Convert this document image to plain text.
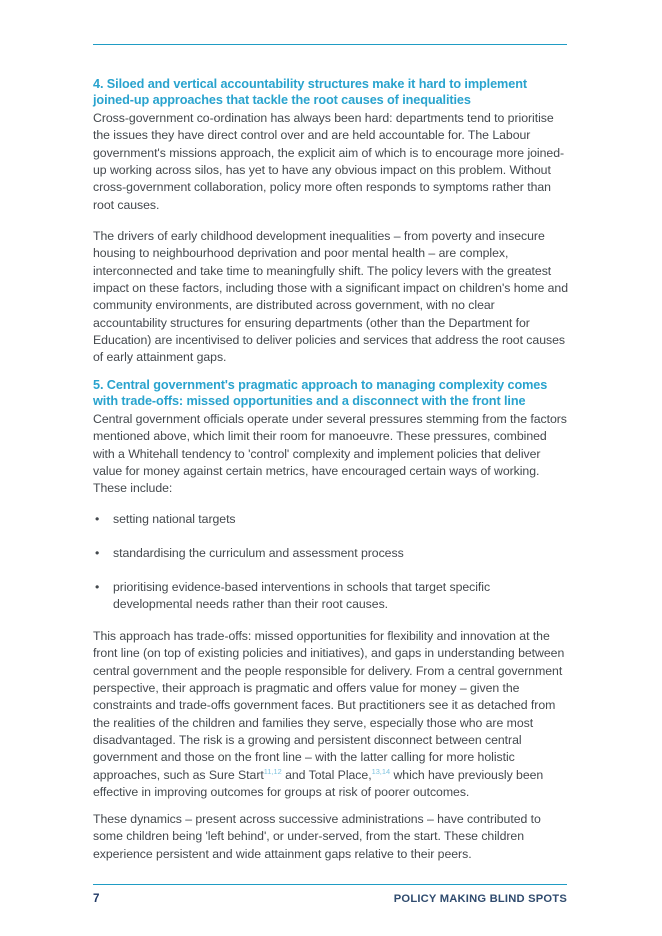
4. Siloed and vertical accountability structures make it hard to implement joined-up approaches that tackle the root causes of inequalities

Cross-government co-ordination has always been hard: departments tend to prioritise the issues they have direct control over and are held accountable for. The Labour government's missions approach, the explicit aim of which is to encourage more joined-up working across silos, has yet to have any obvious impact on this problem. Without cross-government collaboration, policy more often responds to symptoms rather than root causes.

The drivers of early childhood development inequalities – from poverty and insecure housing to neighbourhood deprivation and poor mental health – are complex, interconnected and take time to meaningfully shift. The policy levers with the greatest impact on these factors, including those with a significant impact on children's home and community environments, are distributed across government, with no clear accountability structures for ensuring departments (other than the Department for Education) are incentivised to deliver policies and services that address the root causes of early attainment gaps.

5. Central government's pragmatic approach to managing complexity comes with trade-offs: missed opportunities and a disconnect with the front line

Central government officials operate under several pressures stemming from the factors mentioned above, which limit their room for manoeuvre. These pressures, combined with a Whitehall tendency to 'control' complexity and implement policies that deliver value for money against certain metrics, have encouraged certain ways of working. These include:

• setting national targets
• standardising the curriculum and assessment process
• prioritising evidence-based interventions in schools that target specific developmental needs rather than their root causes.

This approach has trade-offs: missed opportunities for flexibility and innovation at the front line (on top of existing policies and initiatives), and gaps in understanding between central government and the people responsible for delivery. From a central government perspective, their approach is pragmatic and offers value for money – given the constraints and trade-offs government faces. But practitioners see it as detached from the realities of the children and families they serve, especially those who are most disadvantaged. The risk is a growing and persistent disconnect between central government and those on the front line – with the latter calling for more holistic approaches, such as Sure Start$^{11,12}$ and Total Place,$^{13,14}$ which have previously been effective in improving outcomes for groups at risk of poorer outcomes.

These dynamics – present across successive administrations – have contributed to some children being 'left behind', or under-served, from the start. These children experience persistent and wide attainment gaps relative to their peers.

7	POLICY MAKING BLIND SPOTS
